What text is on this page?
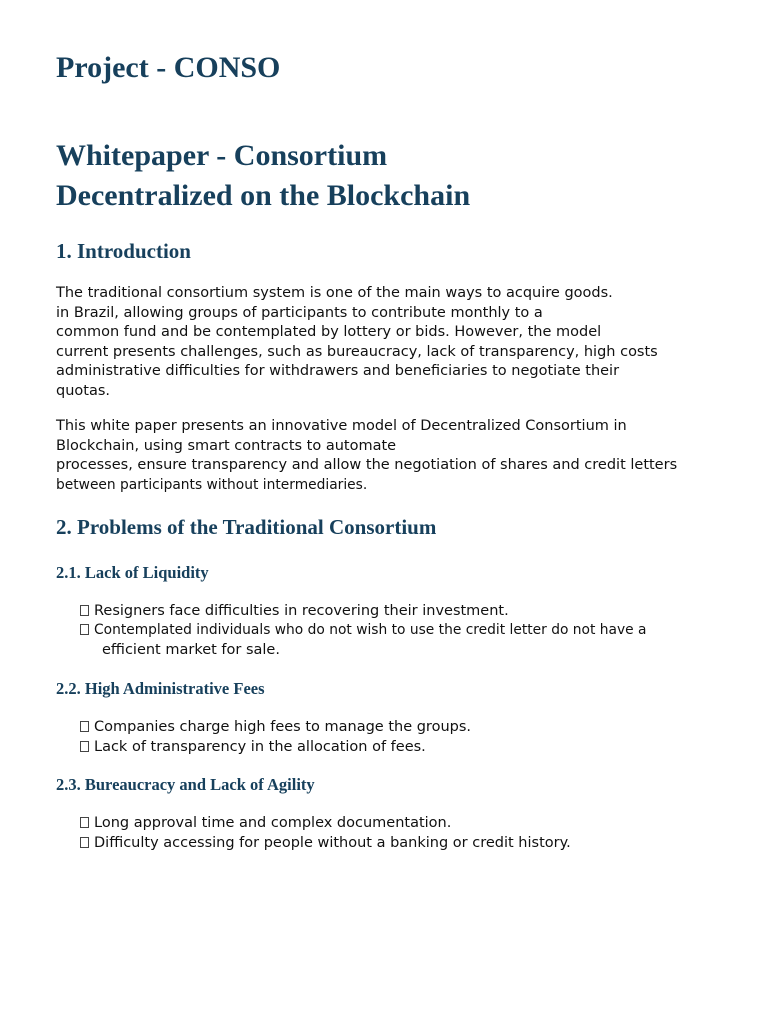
Project - CONSO
Whitepaper - Consortium
Decentralized on the Blockchain
1. Introduction
The traditional consortium system is one of the main ways to acquire goods.
in Brazil, allowing groups of participants to contribute monthly to a
common fund and be contemplated by lottery or bids. However, the model
current presents challenges, such as bureaucracy, lack of transparency, high costs
administrative difficulties for withdrawers and beneficiaries to negotiate their
quotas.
This white paper presents an innovative model of Decentralized Consortium in
Blockchain, using smart contracts to automate
processes, ensure transparency and allow the negotiation of shares and credit letters
between participants without intermediaries.
2. Problems of the Traditional Consortium
2.1. Lack of Liquidity
Resigners face difficulties in recovering their investment.
Contemplated individuals who do not wish to use the credit letter do not have a
efficient market for sale.
2.2. High Administrative Fees
Companies charge high fees to manage the groups.
Lack of transparency in the allocation of fees.
2.3. Bureaucracy and Lack of Agility
Long approval time and complex documentation.
Difficulty accessing for people without a banking or credit history.
